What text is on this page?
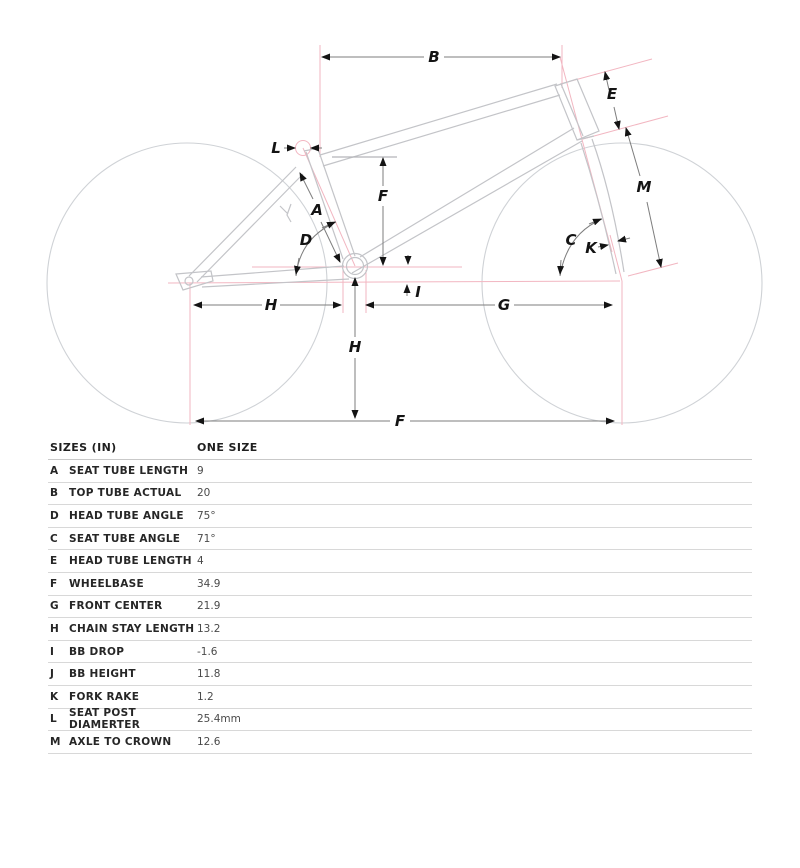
B
E
M
L
A
D
F
C K
H
I
G
H
F
SIZES (IN)	ONE SIZE
A	SEAT TUBE LENGTH 9
B	TOP TUBE ACTUAL	20
D HEAD TUBE ANGLE	75°
C	SEAT TUBE ANGLE	71°
E	HEAD TUBE LENGTH 4
F	WHEELBASE	34.9
G FRONT CENTER	21.9
H CHAIN STAY LENGTH 13.2
I	BB DROP	-1.6
J	BB HEIGHT	11.8
K	FORK RAKE	1.2
L	SEAT POST DIAMERTER	25.4mm
M AXLE TO CROWN	12.6
